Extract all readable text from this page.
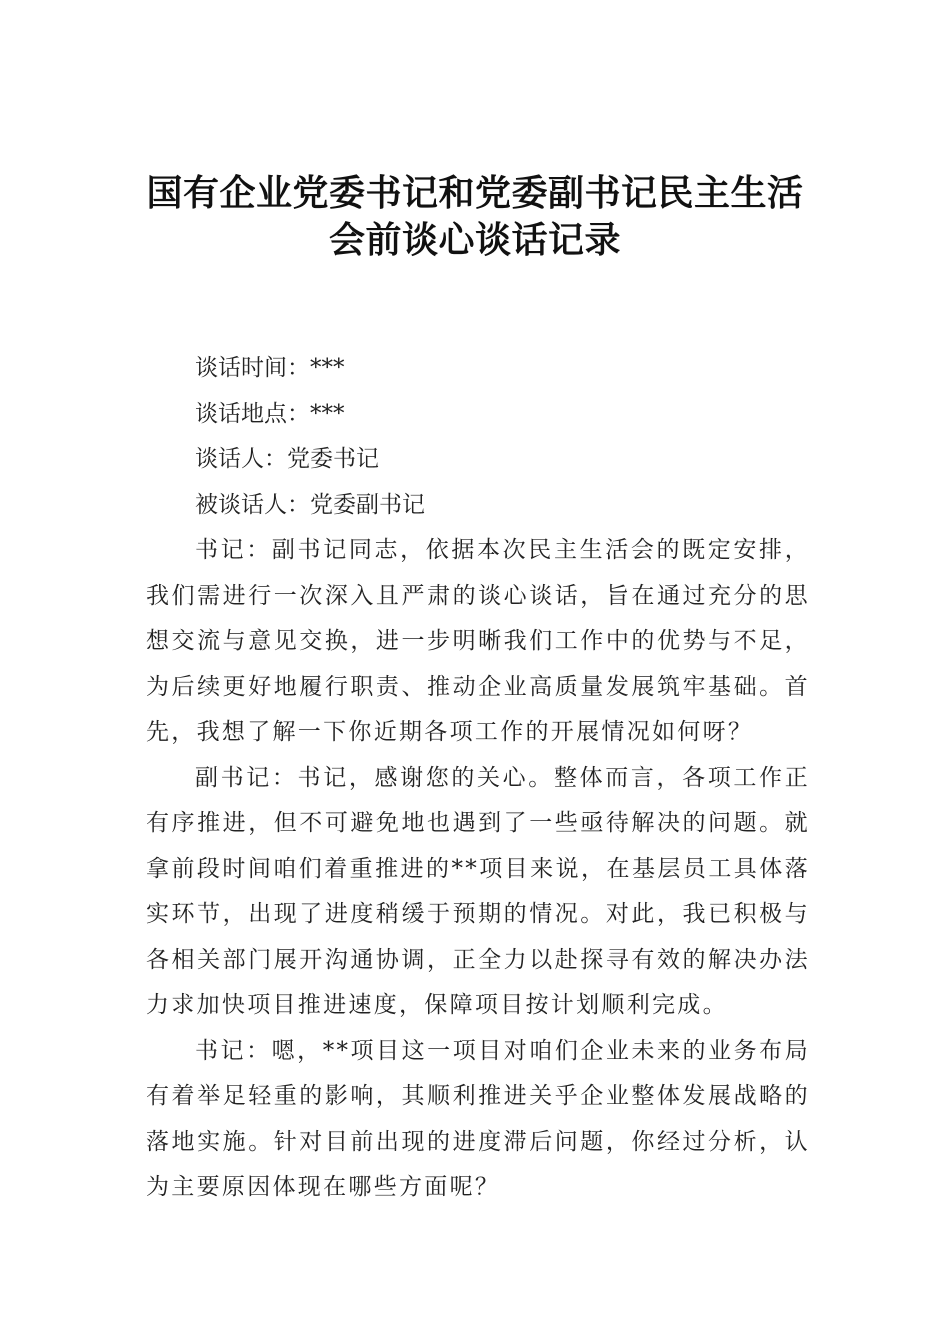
国有企业党委书记和党委副书记民主生活
会前谈心谈话记录

谈话时间：***

谈话地点：***

谈话人：党委书记

被谈话人：党委副书记

书记：副书记同志，依据本次民主生活会的既定安排，我们需进行一次深入且严肃的谈心谈话，旨在通过充分的思想交流与意见交换，进一步明晰我们工作中的优势与不足，为后续更好地履行职责、推动企业高质量发展筑牢基础。首先，我想了解一下你近期各项工作的开展情况如何呀？

副书记：书记，感谢您的关心。整体而言，各项工作正有序推进，但不可避免地也遇到了一些亟待解决的问题。就拿前段时间咱们着重推进的**项目来说，在基层员工具体落实环节，出现了进度稍缓于预期的情况。对此，我已积极与各相关部门展开沟通协调，正全力以赴探寻有效的解决办法力求加快项目推进速度，保障项目按计划顺利完成。

书记：嗯，**项目这一项目对咱们企业未来的业务布局有着举足轻重的影响，其顺利推进关乎企业整体发展战略的落地实施。针对目前出现的进度滞后问题，你经过分析，认为主要原因体现在哪些方面呢？
